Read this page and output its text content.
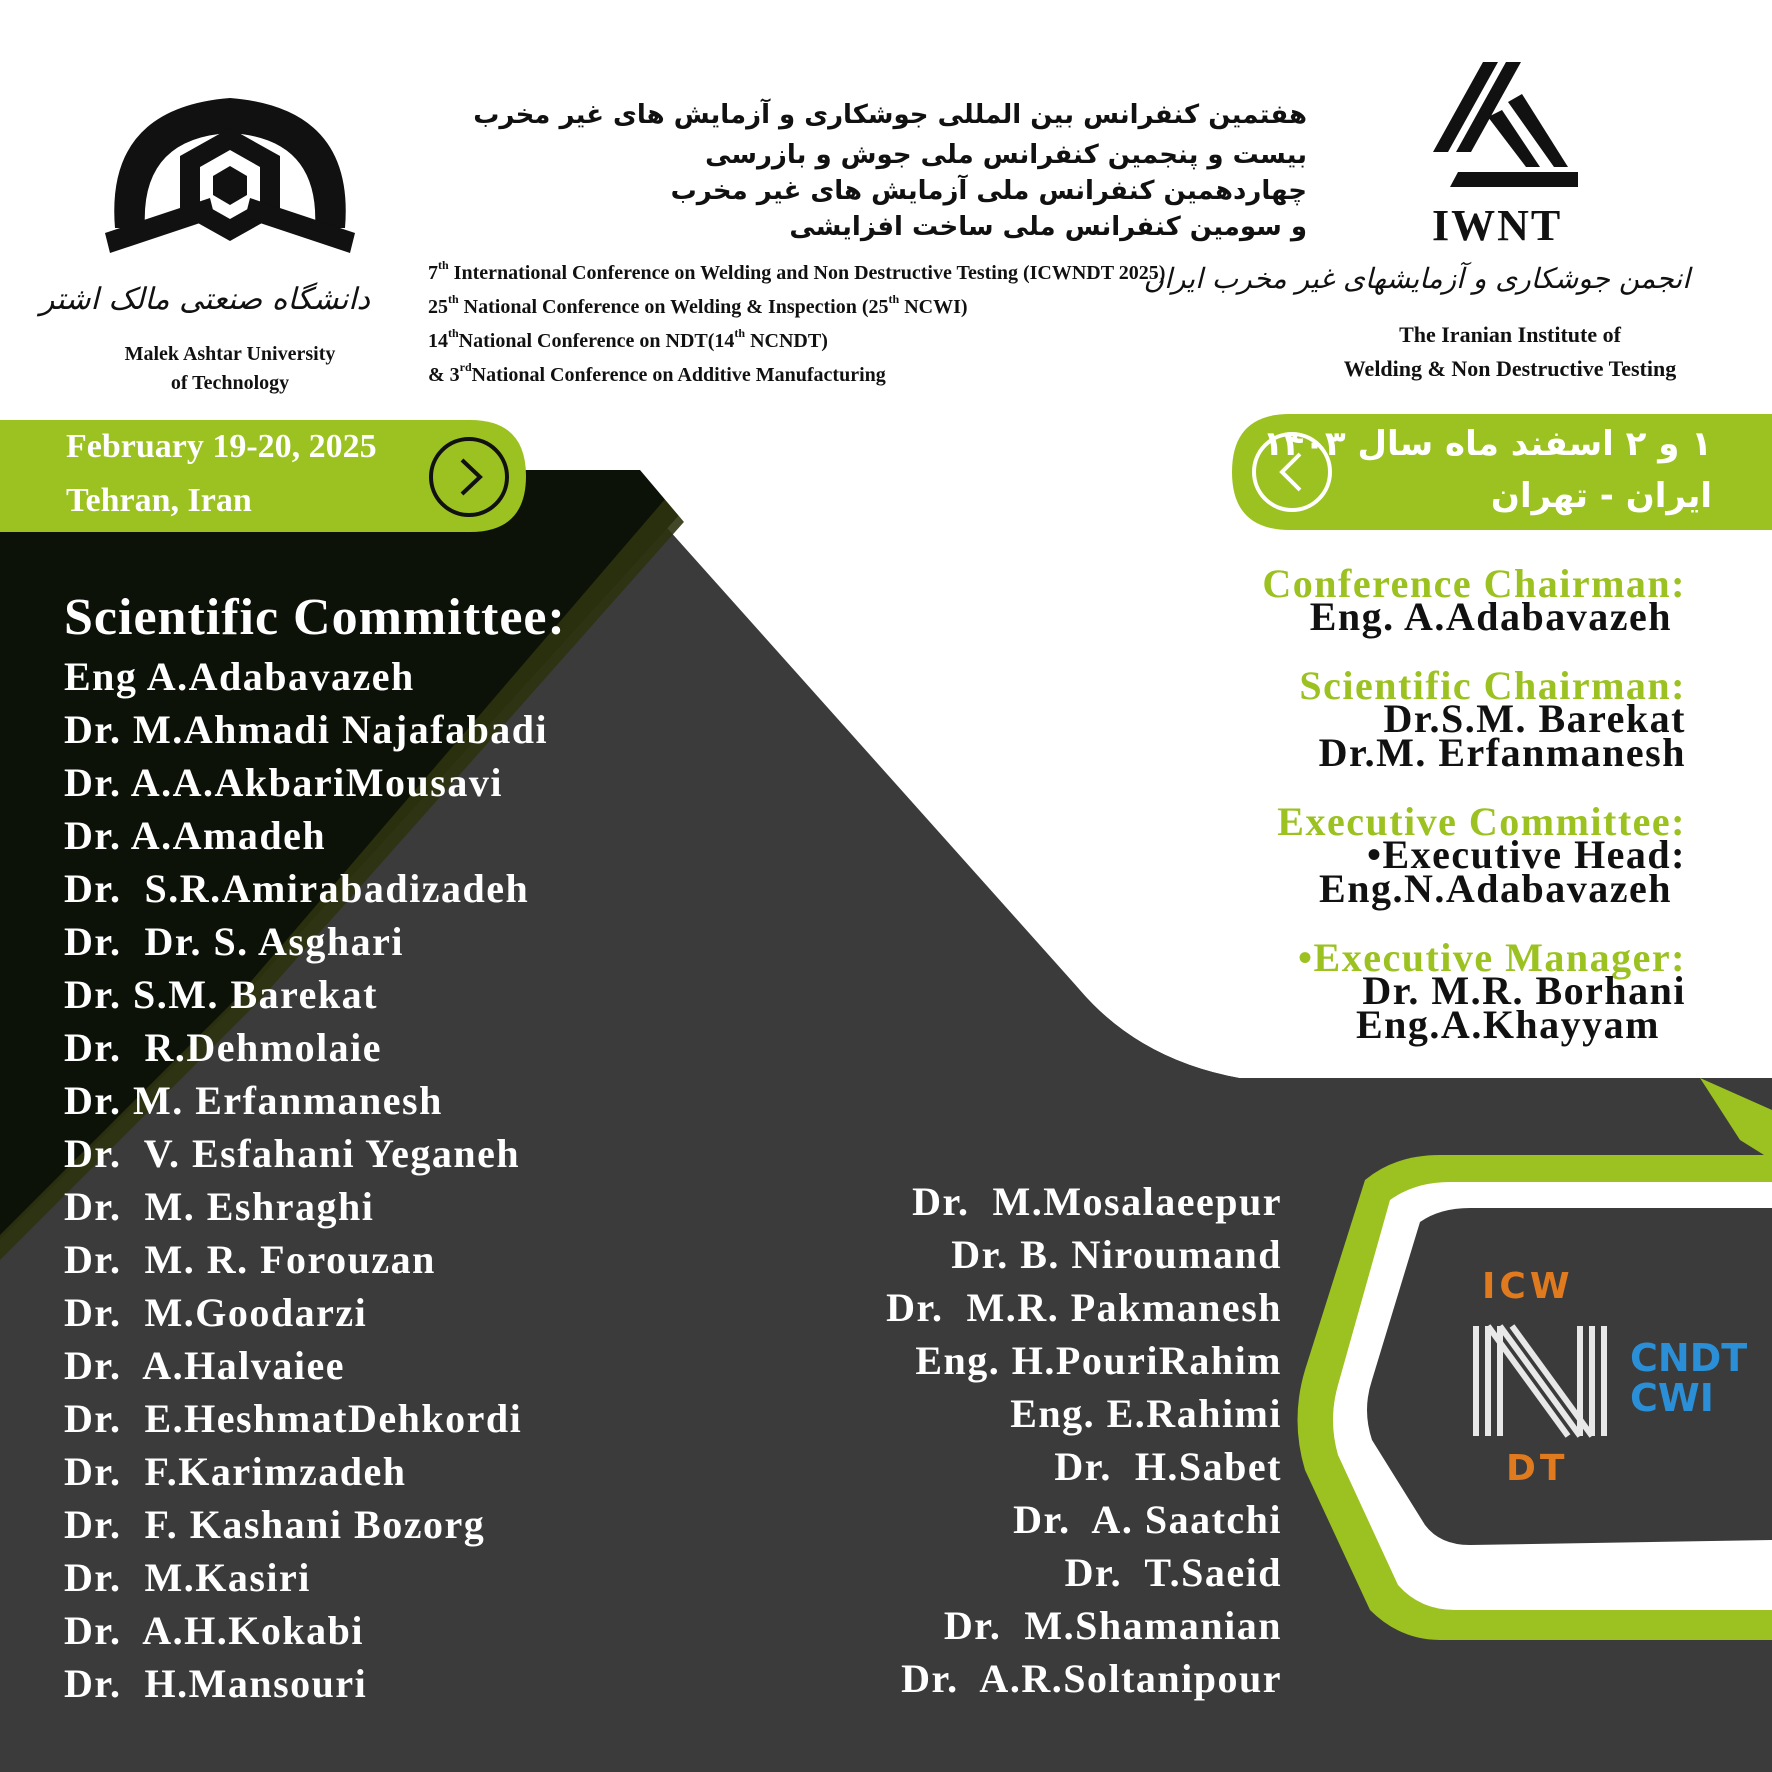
دانشگاه صنعتی مالک اشتر
Malek Ashtar University
of Technology
هفتمین کنفرانس بین المللی جوشکاری و آزمایش های غیر مخرب
بیست و پنجمین کنفرانس ملی جوش و بازرسی
چهاردهمین کنفرانس ملی آزمایش های غیر مخرب
و سومین کنفرانس ملی ساخت افزایشی
7th International Conference on Welding and Non Destructive Testing (ICWNDT 2025)
25th National Conference on Welding & Inspection (25th NCWI)
14thNational Conference on NDT(14th NCNDT)
& 3rdNational Conference on Additive Manufacturing
IWNT
انجمن جوشکاری و آزمایشهای غیر مخرب ایران
The Iranian Institute of
Welding & Non Destructive Testing
February 19-20, 2025
Tehran, Iran
۱ و ۲ اسفند ماه سال ۱۴۰۳
ایران - تهران
Scientific Committee:
Eng A.Adabavazeh
Dr. M.Ahmadi Najafabadi
Dr. A.A.AkbariMousavi
Dr. A.Amadeh
Dr.  S.R.Amirabadizadeh
Dr.  Dr. S. Asghari
Dr. S.M. Barekat
Dr.  R.Dehmolaie
Dr. M. Erfanmanesh
Dr.  V. Esfahani Yeganeh
Dr.  M. Eshraghi
Dr.  M. R. Forouzan
Dr.  M.Goodarzi
Dr.  A.Halvaiee
Dr.  E.HeshmatDehkordi
Dr.  F.Karimzadeh
Dr.  F. Kashani Bozorg
Dr.  M.Kasiri
Dr.  A.H.Kokabi
Dr.  H.Mansouri
Dr.  M.Mosalaeepur
Dr. B. Niroumand
Dr.  M.R. Pakmanesh
Eng. H.PouriRahim
Eng. E.Rahimi
Dr.  H.Sabet
Dr.  A. Saatchi
Dr.  T.Saeid
Dr.  M.Shamanian
Dr.  A.R.Soltanipour
Conference Chairman:
Eng. A.Adabavazeh
Scientific Chairman:
Dr.S.M. Barekat
Dr.M. Erfanmanesh
Executive Committee:
•Executive Head:
Eng.N.Adabavazeh
•Executive Manager:
Dr. M.R. Borhani
Eng.A.Khayyam
ICW
CNDT
CWI
DT
